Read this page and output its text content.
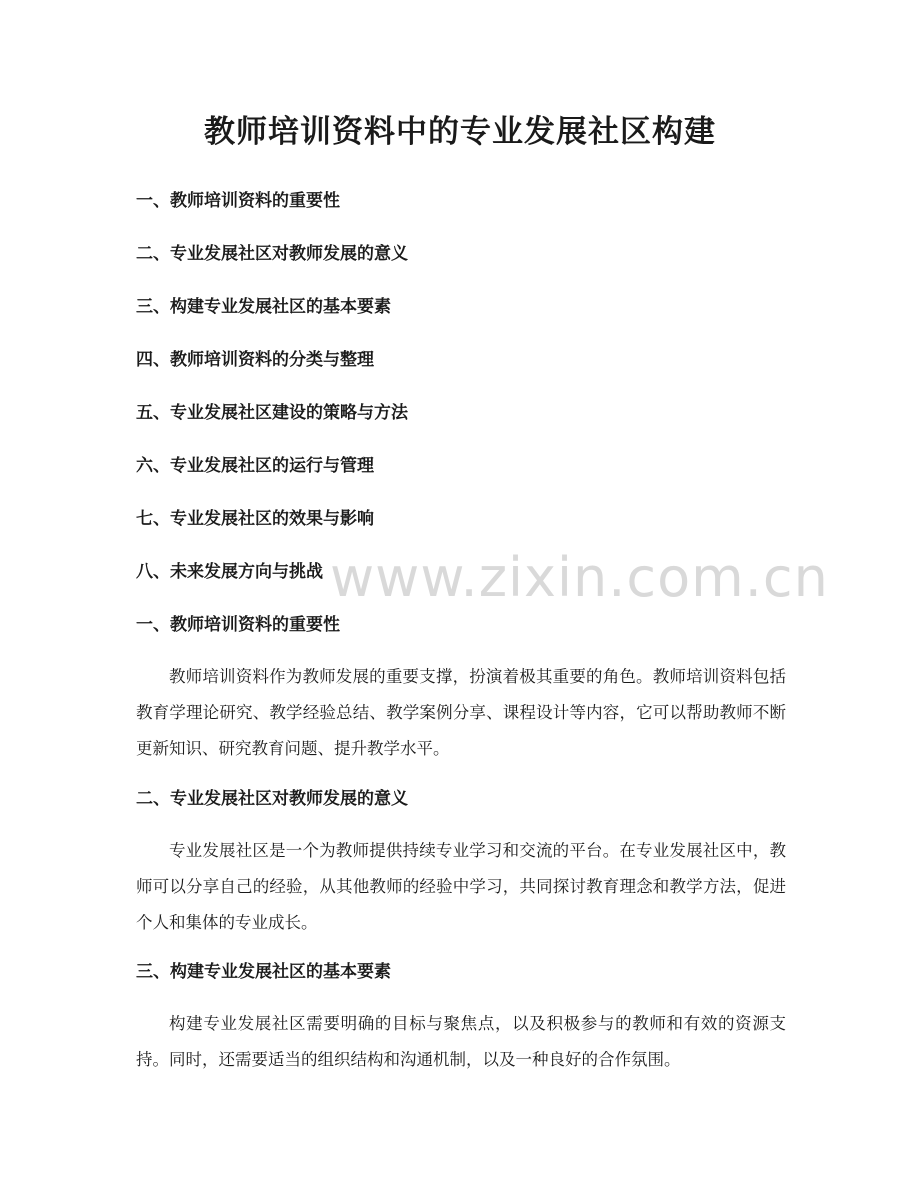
教师培训资料中的专业发展社区构建
一、教师培训资料的重要性
二、专业发展社区对教师发展的意义
三、构建专业发展社区的基本要素
四、教师培训资料的分类与整理
五、专业发展社区建设的策略与方法
六、专业发展社区的运行与管理
七、专业发展社区的效果与影响
八、未来发展方向与挑战
一、教师培训资料的重要性

教师培训资料作为教师发展的重要支撑，扮演着极其重要的角色。教师培训资料包括教育学理论研究、教学经验总结、教学案例分享、课程设计等内容，它可以帮助教师不断更新知识、研究教育问题、提升教学水平。

二、专业发展社区对教师发展的意义

专业发展社区是一个为教师提供持续专业学习和交流的平台。在专业发展社区中，教师可以分享自己的经验，从其他教师的经验中学习，共同探讨教育理念和教学方法，促进个人和集体的专业成长。

三、构建专业发展社区的基本要素

构建专业发展社区需要明确的目标与聚焦点，以及积极参与的教师和有效的资源支持。同时，还需要适当的组织结构和沟通机制，以及一种良好的合作氛围。

www.zixin.com.cn
